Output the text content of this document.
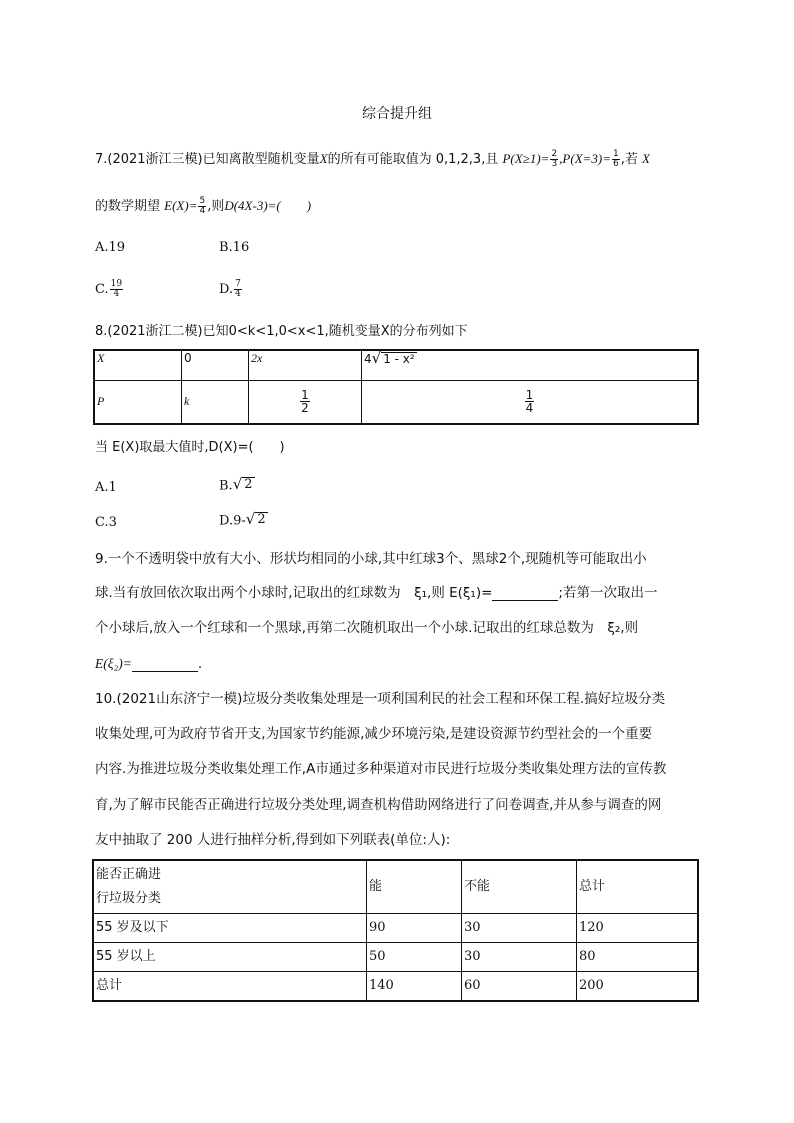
综合提升组
7.(2021浙江三模)已知离散型随机变量X的所有可能取值为 0,1,2,3,且 $P(X\ge 1)= \frac{2}{3} ,P(X=3)= \frac{1}{6}$ ,若 X
的数学期望 $E(X)= \frac{5}{4}$ ,则D(4X-3)=(　　)
A.19	B.16
C. $\frac{19}{4}$	D. $\frac{7}{4}$
8.(2021浙江二模)已知0<k<1,0<x<1,随机变量X的分布列如下
X	0	2x	4 √ 1 - x²

P	k	$\frac{1}{2}$	$\frac{1}{4}$
当 E(X)取最大值时,D(X)=(　　)
A.1	B. √ 2
C.3	D.9- √ 2
9.一个不透明袋中放有大小、形状均相同的小球,其中红球3个、黑球2个,现随机等可能取出小
球.当有放回依次取出两个小球时,记取出的红球数为　ξ₁,则 E(ξ₁)=	;若第一次取出一
个小球后,放入一个红球和一个黑球,再第二次随机取出一个小球.记取出的红球总数为　ξ₂,则
E(ξ₂)=	.
10.(2021山东济宁一模)垃圾分类收集处理是一项利国利民的社会工程和环保工程.搞好垃圾分类
收集处理,可为政府节省开支,为国家节约能源,减少环境污染,是建设资源节约型社会的一个重要
内容.为推进垃圾分类收集处理工作,A市通过多种渠道对市民进行垃圾分类收集处理方法的宣传教
育,为了解市民能否正确进行垃圾分类处理,调查机构借助网络进行了问卷调查,并从参与调查的网
友中抽取了 200 人进行抽样分析,得到如下列联表(单位:人):
能否正确进
行垃圾分类	能	不能	总计
55 岁及以下	90	30	120
55 岁以上	50	30	80
总计	140	60	200
